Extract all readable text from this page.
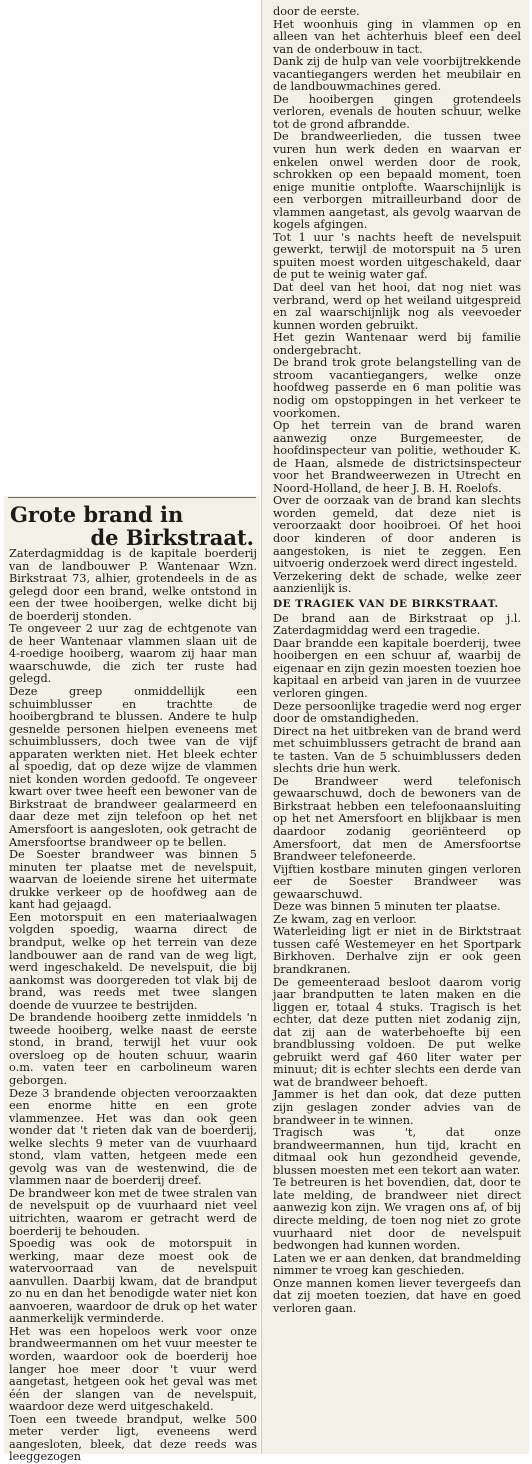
Grote brand in
de Birkstraat.

Zaterdagmiddag is de kapitale boerderij van de landbouwer P. Wantenaar Wzn. Birkstraat 73, alhier, grotendeels in de as gelegd door een brand, welke ontstond in een der twee hooibergen, welke dicht bij de boerderij stonden.

Te ongeveer 2 uur zag de echtgenote van de heer Wantenaar vlammen slaan uit de 4-roedige hooiberg, waarom zij haar man waarschuwde, die zich ter ruste had gelegd.

Deze greep onmiddellijk een schuimblusser en trachtte de hooibergbrand te blussen. Andere te hulp gesnelde personen hielpen eveneens met schuimblussers, doch twee van de vijf apparaten werkten niet. Het bleek echter al spoedig, dat op deze wijze de vlammen niet konden worden gedoofd. Te ongeveer kwart over twee heeft een bewoner van de Birkstraat de brandweer gealarmeerd en daar deze met zijn telefoon op het net Amersfoort is aangesloten, ook getracht de Amersfoortse brandweer op te bellen.

De Soester brandweer was binnen 5 minuten ter plaatse met de nevelspuit, waarvan de loeiende sirene het uitermate drukke verkeer op de hoofdweg aan de kant had gejaagd.

Een motorspuit en een materiaalwagen volgden spoedig, waarna direct de brandput, welke op het terrein van deze landbouwer aan de rand van de weg ligt, werd ingeschakeld. De nevelspuit, die bij aankomst was doorgereden tot vlak bij de brand, was reeds met twee slangen doende de vuurzee te bestrijden.

De brandende hooiberg zette inmiddels 'n tweede hooiberg, welke naast de eerste stond, in brand, terwijl het vuur ook oversloeg op de houten schuur, waarin o.m. vaten teer en carbolineum waren geborgen.

Deze 3 brandende objecten veroorzaakten een enorme hitte en een grote vlammenzee. Het was dan ook geen wonder dat 't rieten dak van de boerderij, welke slechts 9 meter van de vuurhaard stond, vlam vatten, hetgeen mede een gevolg was van de westenwind, die de vlammen naar de boerderij dreef.

De brandweer kon met de twee stralen van de nevelspuit op de vuurhaard niet veel uitrichten, waarom er getracht werd de boerderij te behouden.

Spoedig was ook de motorspuit in werking, maar deze moest ook de watervoorraad van de nevelspuit aanvullen. Daarbij kwam, dat de brandput zo nu en dan het benodigde water niet kon aanvoeren, waardoor de druk op het water aanmerkelijk verminderde.

Het was een hopeloos werk voor onze brandweermannen om het vuur meester te worden, waardoor ook de boerderij hoe langer hoe meer door 't vuur werd aangetast, hetgeen ook het geval was met één der slangen van de nevelspuit, waardoor deze werd uitgeschakeld.

Toen een tweede brandput, welke 500 meter verder ligt, eveneens werd aangesloten, bleek, dat deze reeds was leeggezogen

door de eerste.

Het woonhuis ging in vlammen op en alleen van het achterhuis bleef een deel van de onderbouw in tact.

Dank zij de hulp van vele voorbijtrekkende vacantiegangers werden het meubilair en de landbouwmachines gered.

De hooibergen gingen grotendeels verloren, evenals de houten schuur, welke tot de grond afbrandde.

De brandweerlieden, die tussen twee vuren hun werk deden en waarvan er enkelen onwel werden door de rook, schrokken op een bepaald moment, toen enige munitie ontplofte. Waarschijnlijk is een verborgen mitrailleurband door de vlammen aangetast, als gevolg waarvan de kogels afgingen.

Tot 1 uur 's nachts heeft de nevelspuit gewerkt, terwijl de motorspuit na 5 uren spuiten moest worden uitgeschakeld, daar de put te weinig water gaf.

Dat deel van het hooi, dat nog niet was verbrand, werd op het weiland uitgespreid en zal waarschijnlijk nog als veevoeder kunnen worden gebruikt.

Het gezin Wantenaar werd bij familie ondergebracht.

De brand trok grote belangstelling van de stroom vacantiegangers, welke onze hoofdweg passerde en 6 man politie was nodig om opstoppingen in het verkeer te voorkomen.

Op het terrein van de brand waren aanwezig onze Burgemeester, de hoofdinspecteur van politie, wethouder K. de Haan, alsmede de districtsinspecteur voor het Brandweerwezen in Utrecht en Noord-Holland, de heer J. B. H. Roelofs.

Over de oorzaak van de brand kan slechts worden gemeld, dat deze niet is veroorzaakt door hooibroei. Of het hooi door kinderen of door anderen is aangestoken, is niet te zeggen. Een uitvoerig onderzoek werd direct ingesteld.

Verzekering dekt de schade, welke zeer aanzienlijk is.

DE TRAGIEK VAN DE BIRKSTRAAT.

De brand aan de Birkstraat op j.l. Zaterdagmiddag werd een tragedie.

Daar brandde een kapitale boerderij, twee hooibergen en een schuur af, waarbij de eigenaar en zijn gezin moesten toezien hoe kapitaal en arbeid van jaren in de vuurzee verloren gingen.

Deze persoonlijke tragedie werd nog erger door de omstandigheden.

Direct na het uitbreken van de brand werd met schuimblussers getracht de brand aan te tasten. Van de 5 schuimblussers deden slechts drie hun werk.

De Brandweer werd telefonisch gewaarschuwd, doch de bewoners van de Birkstraat hebben een telefoonaansluiting op het net Amersfoort en blijkbaar is men daardoor zodanig georiënteerd op Amersfoort, dat men de Amersfoortse Brandweer telefoneerde.

Vijftien kostbare minuten gingen verloren eer de Soester Brandweer was gewaarschuwd.

Deze was binnen 5 minuten ter plaatse.

Ze kwam, zag en verloor.

Waterleiding ligt er niet in de Birktstraat tussen café Westemeyer en het Sportpark Birkhoven. Derhalve zijn er ook geen brandkranen.

De gemeenteraad besloot daarom vorig jaar brandputten te laten maken en die liggen er, totaal 4 stuks. Tragisch is het echter, dat deze putten niet zodanig zijn, dat zij aan de waterbehoefte bij een brandblussing voldoen. De put welke gebruikt werd gaf 460 liter water per minuut; dit is echter slechts een derde van wat de brandweer behoeft.

Jammer is het dan ook, dat deze putten zijn geslagen zonder advies van de brandweer in te winnen.

Tragisch was 't, dat onze brandweermannen, hun tijd, kracht en ditmaal ook hun gezondheid gevende, blussen moesten met een tekort aan water.

Te betreuren is het bovendien, dat, door te late melding, de brandweer niet direct aanwezig kon zijn. We vragen ons af, of bij directe melding, de toen nog niet zo grote vuurhaard niet door de nevelspuit bedwongen had kunnen worden.

Laten we er aan denken, dat brandmelding nimmer te vroeg kan geschieden.

Onze mannen komen liever tevergeefs dan dat zij moeten toezien, dat have en goed verloren gaan.
